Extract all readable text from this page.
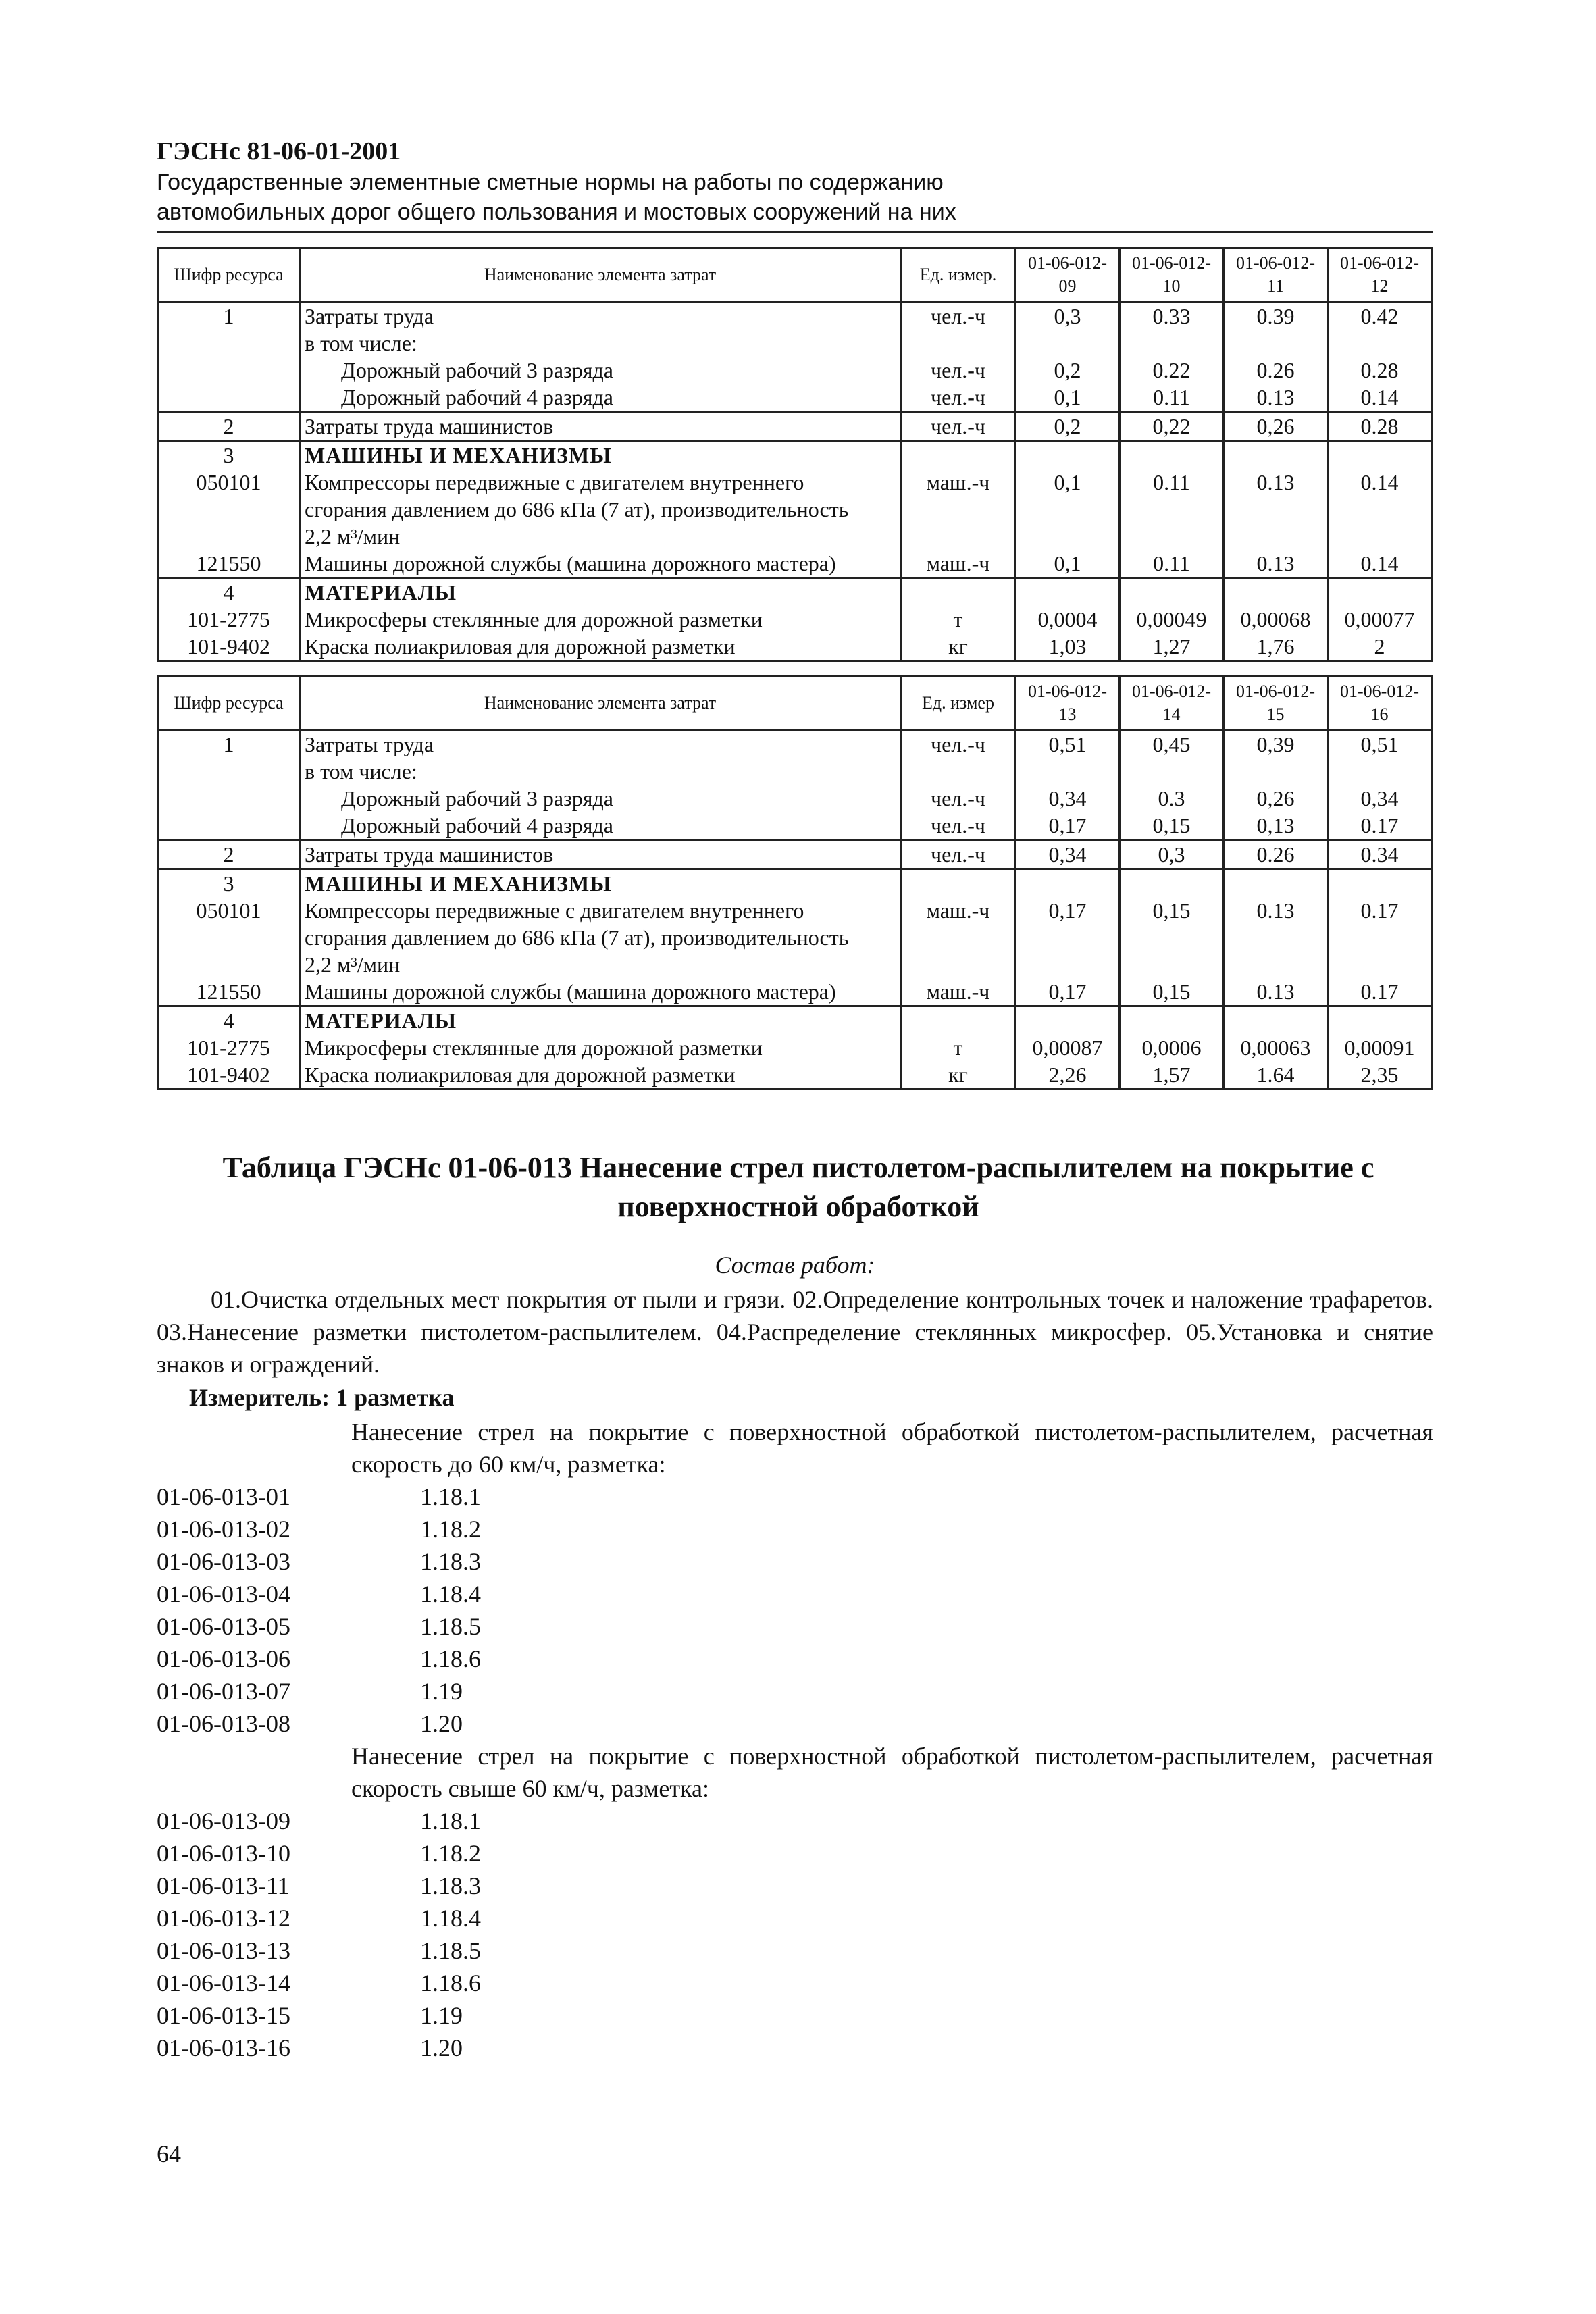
ГЭСНс 81-06-01-2001
Государственные элементные сметные нормы на работы по содержанию
автомобильных дорог общего пользования и мостовых сооружений на них
Шифр ресурса	Наименование элемента затрат	Ед. измер.	01-06-012-09	01-06-012-10	01-06-012-11	01-06-012-12
1	Затраты труда	чел.-ч	0,3	0.33	0.39	0.42
	в том числе:					
	Дорожный рабочий 3 разряда	чел.-ч	0,2	0.22	0.26	0.28
	Дорожный рабочий 4 разряда	чел.-ч	0,1	0.11	0.13	0.14
2	Затраты труда машинистов	чел.-ч	0,2	0,22	0,26	0.28
3	МАШИНЫ И МЕХАНИЗМЫ					
050101	Компрессоры передвижные с двигателем внутреннего	маш.-ч	0,1	0.11	0.13	0.14
	сгорания давлением до 686 кПа (7 ат), производительность					
	2,2 м³/мин					
121550	Машины дорожной службы (машина дорожного мастера)	маш.-ч	0,1	0.11	0.13	0.14
4	МАТЕРИАЛЫ					
101-2775	Микросферы стеклянные для дорожной разметки	т	0,0004	0,00049	0,00068	0,00077
101-9402	Краска полиакриловая для дорожной разметки	кг	1,03	1,27	1,76	2
Шифр ресурса	Наименование элемента затрат	Ед. измер	01-06-012-13	01-06-012-14	01-06-012-15	01-06-012-16
1	Затраты труда	чел.-ч	0,51	0,45	0,39	0,51
	в том числе:					
	Дорожный рабочий 3 разряда	чел.-ч	0,34	0.3	0,26	0,34
	Дорожный рабочий 4 разряда	чел.-ч	0,17	0,15	0,13	0.17
2	Затраты труда машинистов	чел.-ч	0,34	0,3	0.26	0.34
3	МАШИНЫ И МЕХАНИЗМЫ					
050101	Компрессоры передвижные с двигателем внутреннего	маш.-ч	0,17	0,15	0.13	0.17
	сгорания давлением до 686 кПа (7 ат), производительность					
	2,2 м³/мин					
121550	Машины дорожной службы (машина дорожного мастера)	маш.-ч	0,17	0,15	0.13	0.17
4	МАТЕРИАЛЫ					
101-2775	Микросферы стеклянные для дорожной разметки	т	0,00087	0,0006	0,00063	0,00091
101-9402	Краска полиакриловая для дорожной разметки	кг	2,26	1,57	1.64	2,35
Таблица ГЭСНс 01-06-013 Нанесение стрел пистолетом-распылителем на покрытие с
поверхностной обработкой
Состав работ:
01.Очистка отдельных мест покрытия от пыли и грязи. 02.Определение контрольных точек и наложение трафаретов. 03.Нанесение разметки пистолетом-распылителем. 04.Распределение стеклянных микросфер. 05.Установка и снятие знаков и ограждений.
Измеритель: 1 разметка
Нанесение стрел на покрытие с поверхностной обработкой пистолетом-распылителем, расчетная скорость до 60 км/ч, разметка:
01-06-013-01	1.18.1
01-06-013-02	1.18.2
01-06-013-03	1.18.3
01-06-013-04	1.18.4
01-06-013-05	1.18.5
01-06-013-06	1.18.6
01-06-013-07	1.19
01-06-013-08	1.20
Нанесение стрел на покрытие с поверхностной обработкой пистолетом-распылителем, расчетная скорость свыше 60 км/ч, разметка:
01-06-013-09	1.18.1
01-06-013-10	1.18.2
01-06-013-11	1.18.3
01-06-013-12	1.18.4
01-06-013-13	1.18.5
01-06-013-14	1.18.6
01-06-013-15	1.19
01-06-013-16	1.20
64
